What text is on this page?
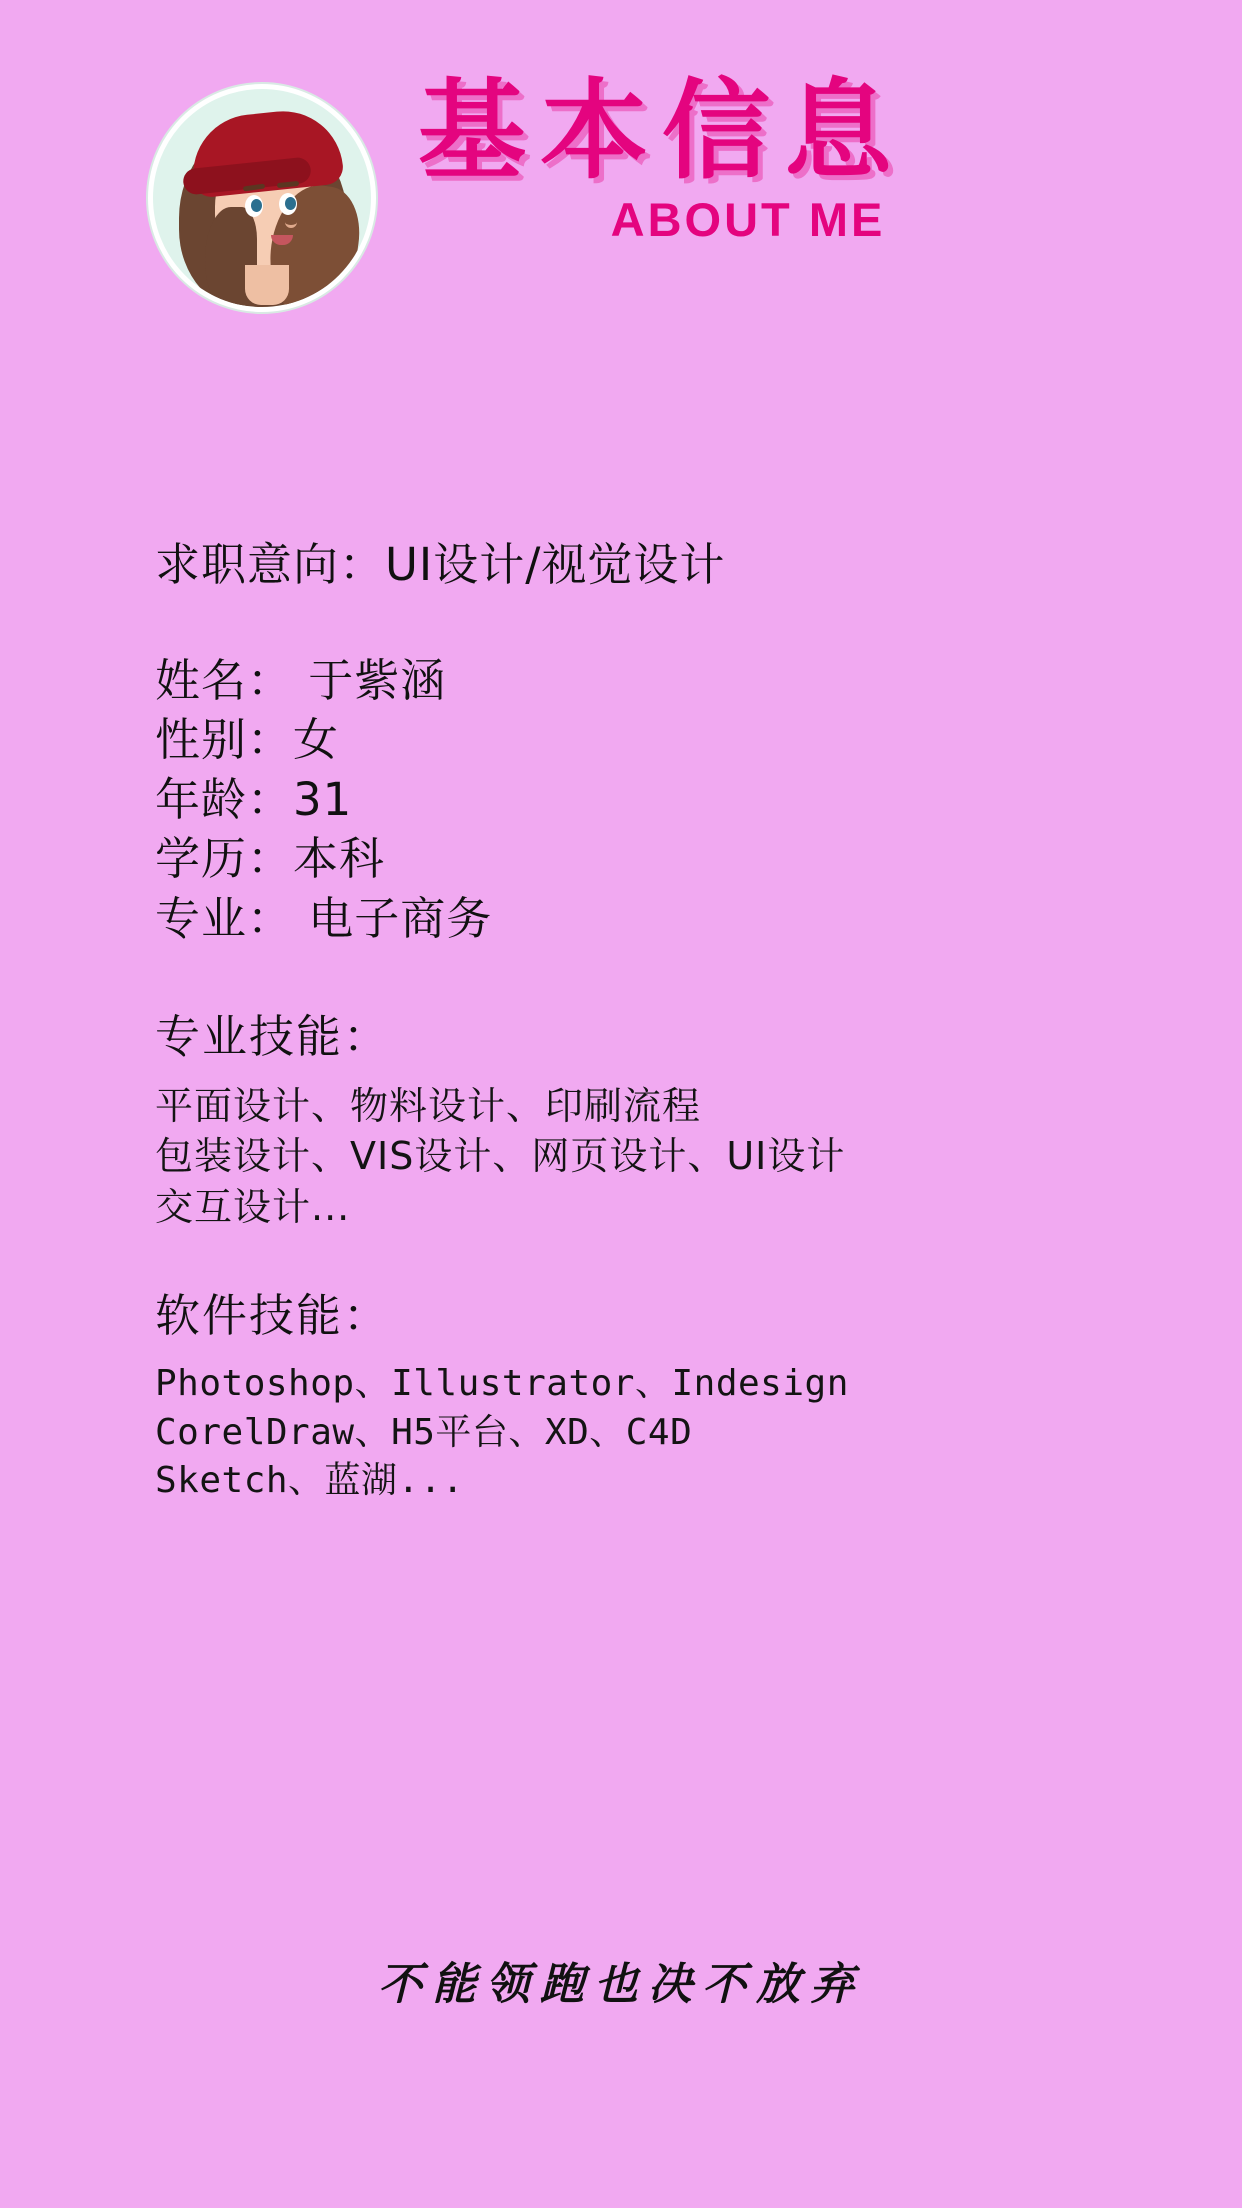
基本信息
ABOUT ME
求职意向：UI设计/视觉设计
姓名： 于紫涵
性别：女
年龄：31
学历：本科
专业： 电子商务
专业技能：
平面设计、物料设计、印刷流程
包装设计、VIS设计、网页设计、UI设计
交互设计...
软件技能：
Photoshop、Illustrator、Indesign
CorelDraw、H5平台、XD、C4D
Sketch、蓝湖...
不能领跑也决不放弃
